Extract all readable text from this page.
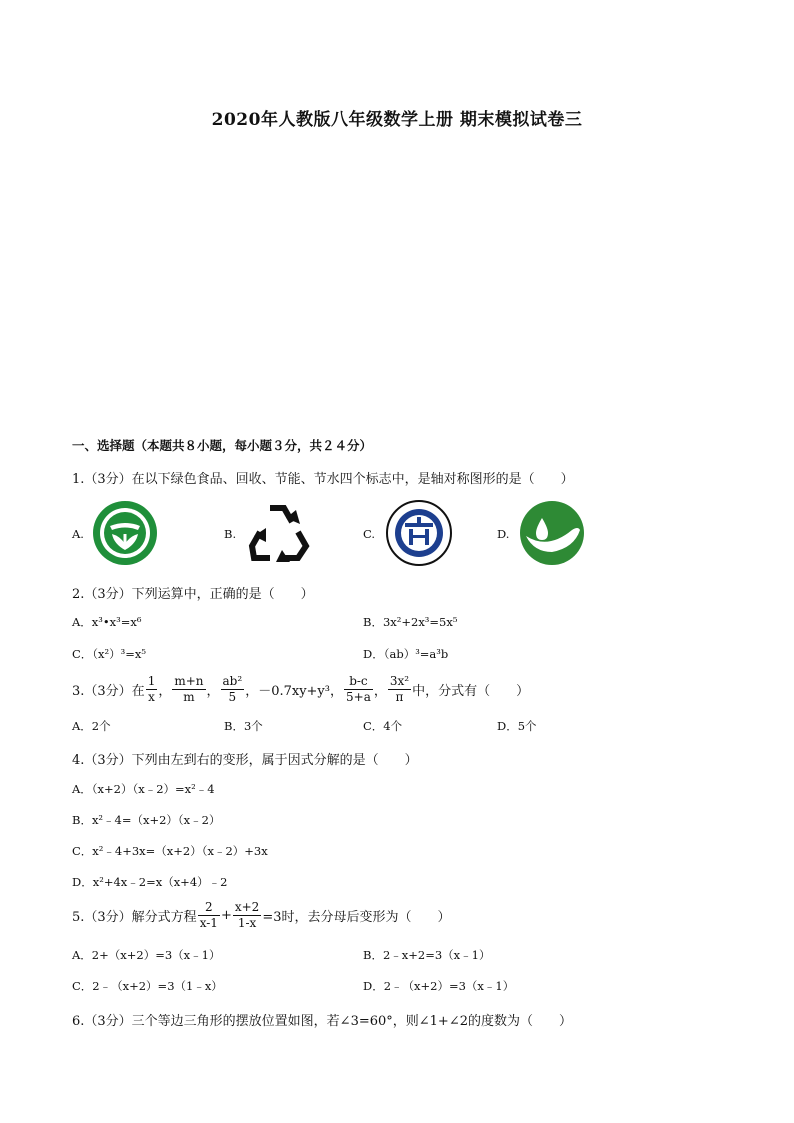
2020年人教版八年级数学上册 期末模拟试卷三
一、选择题（本题共８小题，每小题３分，共２４分）
1.（3分）在以下绿色食品、回收、节能、节水四个标志中，是轴对称图形的是（　　）
A.	B.	C.	D.
2.（3分）下列运算中，正确的是（　　）
A．x³•x³=x⁶	B．3x²+2x³=5x⁵
C．（x²）³=x⁵	D．（ab）³=a³b
3.（3分）在 $\frac{1}{x}$ ， $\frac{m+n}{m}$ ， $\frac{\text{ab²}}{5}$ ，－0.7xy+y³， $\frac{b-c}{5+a}$ ， $\frac{\text{3x²}}{\pi}$ 中，分式有（　　）
A．2个	B．3个	C．4个	D．5个
4.（3分）下列由左到右的变形，属于因式分解的是（　　）
A．（x+2）（x﹣2）=x²﹣4
B．x²﹣4=（x+2）（x﹣2）
C．x²﹣4+3x=（x+2）（x﹣2）+3x
D．x²+4x﹣2=x（x+4）﹣2
5.（3分）解分式方程 $\frac{2}{x-1} + \frac{x+2}{1-x} =3$时，去分母后变形为（　　）
A．2+（x+2）=3（x﹣1）	B．2﹣x+2=3（x﹣1）
C．2﹣（x+2）=3（1﹣x）	D．2﹣（x+2）=3（x﹣1）
6.（3分）三个等边三角形的摆放位置如图，若∠3=60°，则∠1+∠2的度数为（　　）
